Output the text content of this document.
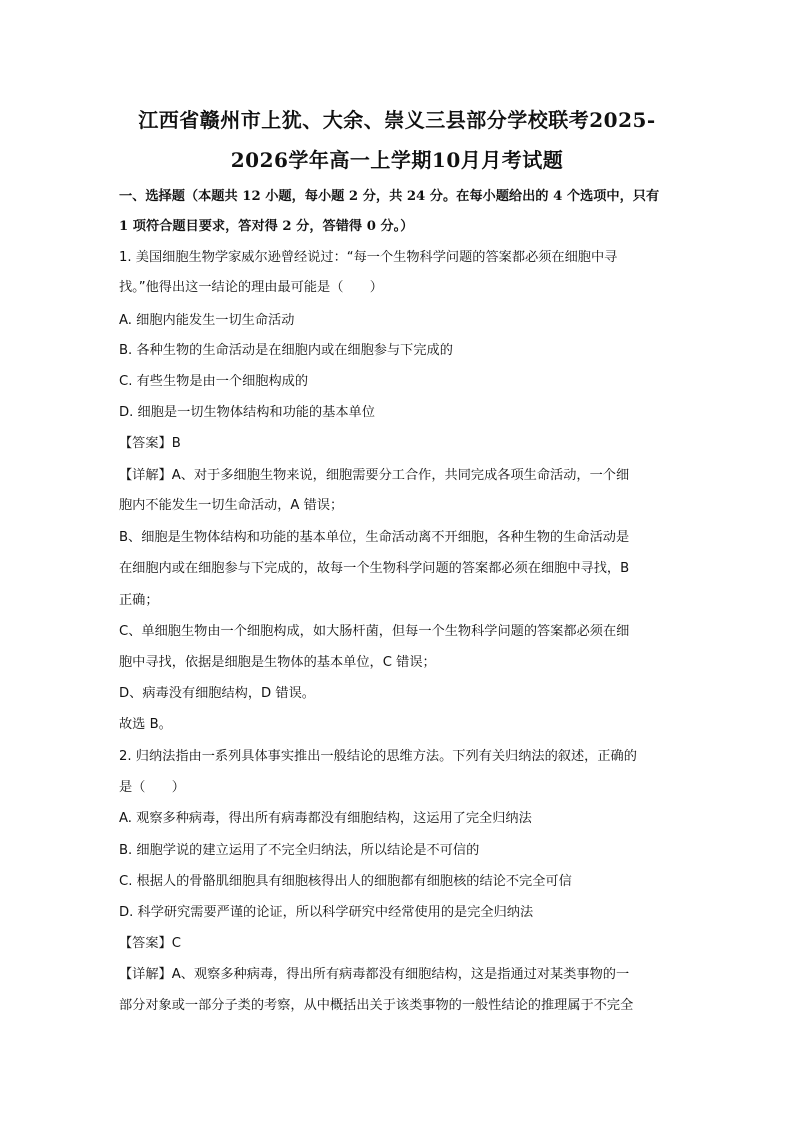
江西省赣州市上犹、大余、崇义三县部分学校联考2025-
2026学年高一上学期10月月考试题
一、选择题（本题共 12 小题，每小题 2 分，共 24 分。在每小题给出的 4 个选项中，只有
1 项符合题目要求，答对得 2 分，答错得 0 分。）
1. 美国细胞生物学家威尔逊曾经说过：“每一个生物科学问题的答案都必须在细胞中寻
找。”他得出这一结论的理由最可能是（　　）
A. 细胞内能发生一切生命活动
B. 各种生物的生命活动是在细胞内或在细胞参与下完成的
C. 有些生物是由一个细胞构成的
D. 细胞是一切生物体结构和功能的基本单位
【答案】B
【详解】A、对于多细胞生物来说，细胞需要分工合作，共同完成各项生命活动，一个细
胞内不能发生一切生命活动，A 错误；
B、细胞是生物体结构和功能的基本单位，生命活动离不开细胞，各种生物的生命活动是
在细胞内或在细胞参与下完成的，故每一个生物科学问题的答案都必须在细胞中寻找，B
正确；
C、单细胞生物由一个细胞构成，如大肠杆菌，但每一个生物科学问题的答案都必须在细
胞中寻找，依据是细胞是生物体的基本单位，C 错误；
D、病毒没有细胞结构，D 错误。
故选 B。
2. 归纳法指由一系列具体事实推出一般结论的思维方法。下列有关归纳法的叙述，正确的
是（　　）
A. 观察多种病毒，得出所有病毒都没有细胞结构，这运用了完全归纳法
B. 细胞学说的建立运用了不完全归纳法，所以结论是不可信的
C. 根据人的骨骼肌细胞具有细胞核得出人的细胞都有细胞核的结论不完全可信
D. 科学研究需要严谨的论证，所以科学研究中经常使用的是完全归纳法
【答案】C
【详解】A、观察多种病毒，得出所有病毒都没有细胞结构，这是指通过对某类事物的一
部分对象或一部分子类的考察，从中概括出关于该类事物的一般性结论的推理属于不完全
